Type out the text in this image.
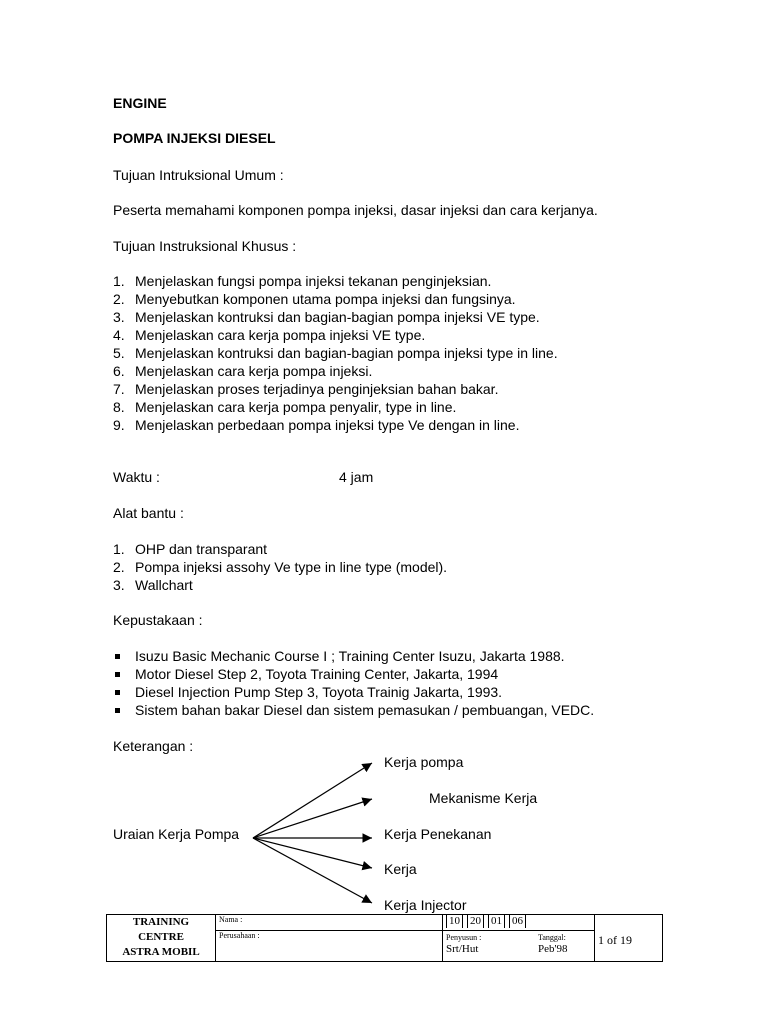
ENGINE
POMPA INJEKSI DIESEL
Tujuan Intruksional Umum :
Peserta memahami komponen pompa injeksi, dasar injeksi dan cara kerjanya.
Tujuan Instruksional Khusus :
1. Menjelaskan fungsi pompa injeksi tekanan penginjeksian.
2. Menyebutkan komponen utama pompa injeksi dan fungsinya.
3. Menjelaskan kontruksi dan bagian-bagian pompa injeksi VE type.
4. Menjelaskan cara kerja pompa injeksi VE type.
5. Menjelaskan kontruksi dan bagian-bagian pompa injeksi type in line.
6. Menjelaskan cara kerja pompa injeksi.
7. Menjelaskan proses terjadinya penginjeksian bahan bakar.
8. Menjelaskan cara kerja pompa penyalir, type in line.
9. Menjelaskan perbedaan pompa injeksi type Ve dengan in line.
Waktu :	4 jam
Alat bantu :
1. OHP dan transparant
2. Pompa injeksi assohy Ve type in line type (model).
3. Wallchart
Kepustakaan :
Isuzu Basic Mechanic Course I ; Training Center Isuzu, Jakarta 1988.
Motor Diesel Step 2, Toyota Training Center, Jakarta, 1994
Diesel Injection Pump Step 3, Toyota Trainig Jakarta, 1993.
Sistem bahan bakar Diesel dan sistem pemasukan / pembuangan, VEDC.
Keterangan :
Uraian Kerja Pompa
Kerja pompa
Mekanisme Kerja
Kerja Penekanan
Kerja
Kerja Injector
TRAINING
CENTRE
ASTRA MOBIL

Nama :
Perusahaan :

10 20 01 06
Penyusun :	Tanggal:
Srt/Hut	Peb'98
	1 of 19
